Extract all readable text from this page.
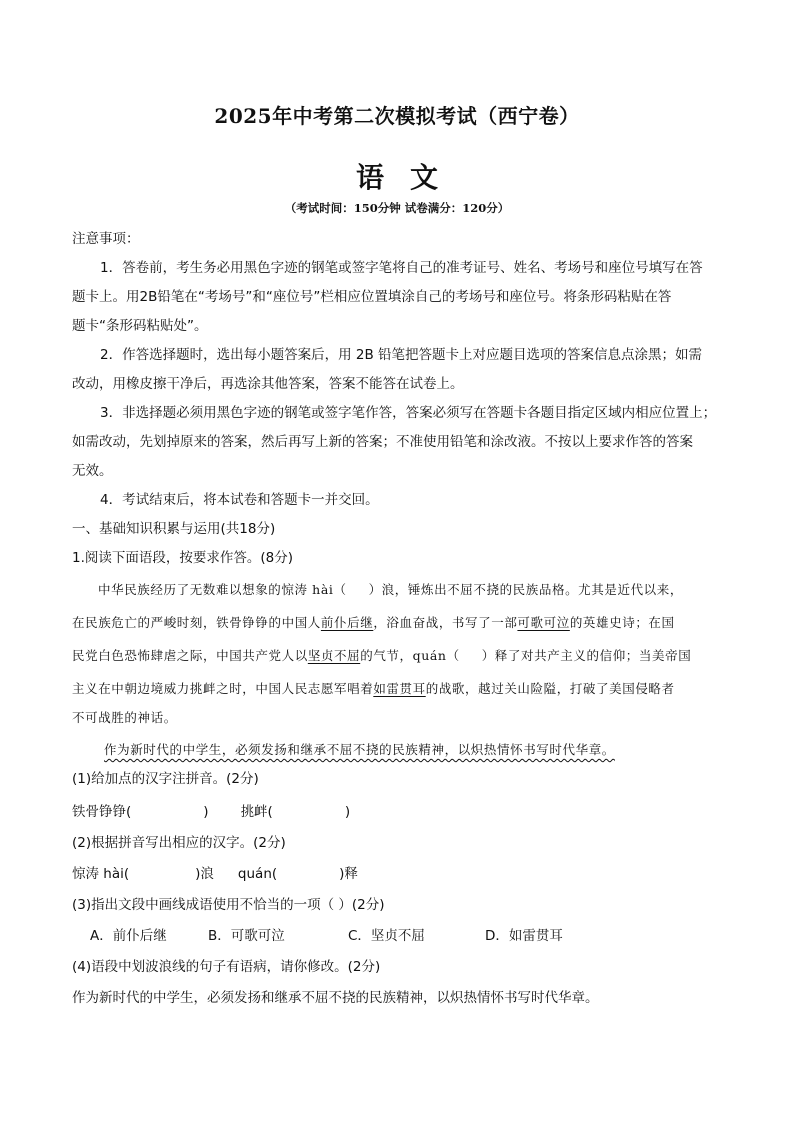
2025年中考第二次模拟考试（西宁卷）
语文
（考试时间：150分钟 试卷满分：120分）
注意事项：
1．答卷前，考生务必用黑色字迹的钢笔或签字笔将自己的准考证号、姓名、考场号和座位号填写在答
题卡上。用2B铅笔在“考场号”和“座位号”栏相应位置填涂自己的考场号和座位号。将条形码粘贴在答
题卡“条形码粘贴处”。
2．作答选择题时，选出每小题答案后，用 2B 铅笔把答题卡上对应题目选项的答案信息点涂黑；如需
改动，用橡皮擦干净后，再选涂其他答案，答案不能答在试卷上。
3．非选择题必须用黑色字迹的钢笔或签字笔作答，答案必须写在答题卡各题目指定区域内相应位置上；
如需改动，先划掉原来的答案，然后再写上新的答案；不准使用铅笔和涂改液。不按以上要求作答的答案
无效。
4．考试结束后，将本试卷和答题卡一并交回。
一、基础知识积累与运用(共18分)
1.阅读下面语段，按要求作答。(8分)
中华民族经历了无数难以想象的惊涛 hài（ ）浪，锤炼出不屈不挠的民族品格。尤其是近代以来，
在民族危亡的严峻时刻，铁骨铮铮的中国人前仆后继，浴血奋战，书写了一部可歌可泣的英雄史诗；在国
民党白色恐怖肆虐之际，中国共产党人以坚贞不屈的气节，quán（ ）释了对共产主义的信仰；当美帝国
主义在中朝边境威力挑衅之时，中国人民志愿军唱着如雷贯耳的战歌，越过关山险隘，打破了美国侵略者
不可战胜的神话。
作为新时代的中学生，必须发扬和继承不屈不挠的民族精神，以炽热情怀书写时代华章。
(1)给加点的汉字注拼音。(2分)
铁骨铮铮(	) 挑衅(	)
(2)根据拼音写出相应的汉字。(2分)
惊涛 hài(	)浪 quán(	)释
(3)指出文段中画线成语使用不恰当的一项（ ）(2分)
A．前仆后继	B．可歌可泣	C．坚贞不屈	D．如雷贯耳
(4)语段中划波浪线的句子有语病，请你修改。(2分)
作为新时代的中学生，必须发扬和继承不屈不挠的民族精神，以炽热情怀书写时代华章。
